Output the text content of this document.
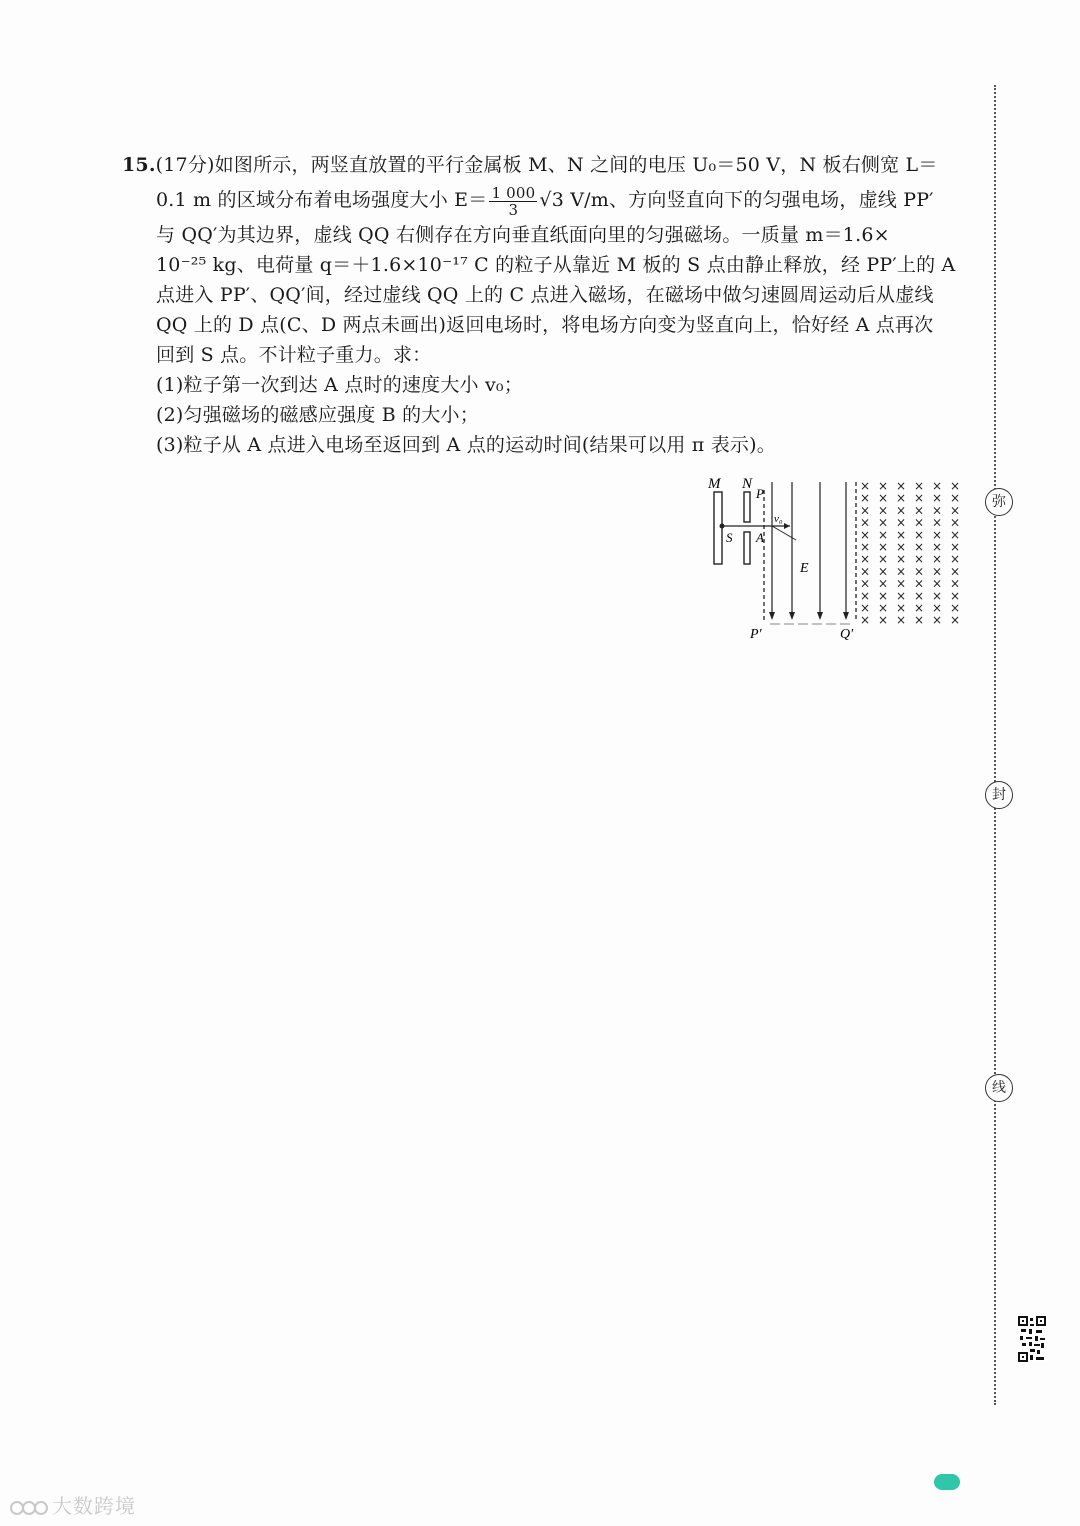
15.(17分)如图所示，两竖直放置的平行金属板 M、N 之间的电压 U₀＝50 V，N 板右侧宽 L＝
0.1 m 的区域分布着电场强度大小 $E= \frac{1 000}{3} √3$ V/m、方向竖直向下的匀强电场，虚线 PP′
与 QQ′为其边界，虚线 QQ 右侧存在方向垂直纸面向里的匀强磁场。一质量 m＝1.6×
10⁻²⁵ kg、电荷量 q＝＋1.6×10⁻¹⁷ C 的粒子从靠近 M 板的 S 点由静止释放，经 PP′上的 A
点进入 PP′、QQ′间，经过虚线 QQ 上的 C 点进入磁场，在磁场中做匀速圆周运动后从虚线
QQ 上的 D 点(C、D 两点未画出)返回电场时，将电场方向变为竖直向上，恰好经 A 点再次
回到 S 点。不计粒子重力。求：
(1)粒子第一次到达 A 点时的速度大小 v₀；
(2)匀强磁场的磁感应强度 B 的大小；
(3)粒子从 A 点进入电场至返回到 A 点的运动时间(结果可以用 π 表示)。
× × × × × ×
× × × × × ×
× × × × × ×
× × × × × ×
× × × × × ×
× × × × × ×
× × × × × ×
× × × × × ×
× × × × × ×
× × × × × ×
× × × × × ×
× × × × × ×
M N
P
S A
v₀
E
P′	Q′
弥
封
线
大数跨境
